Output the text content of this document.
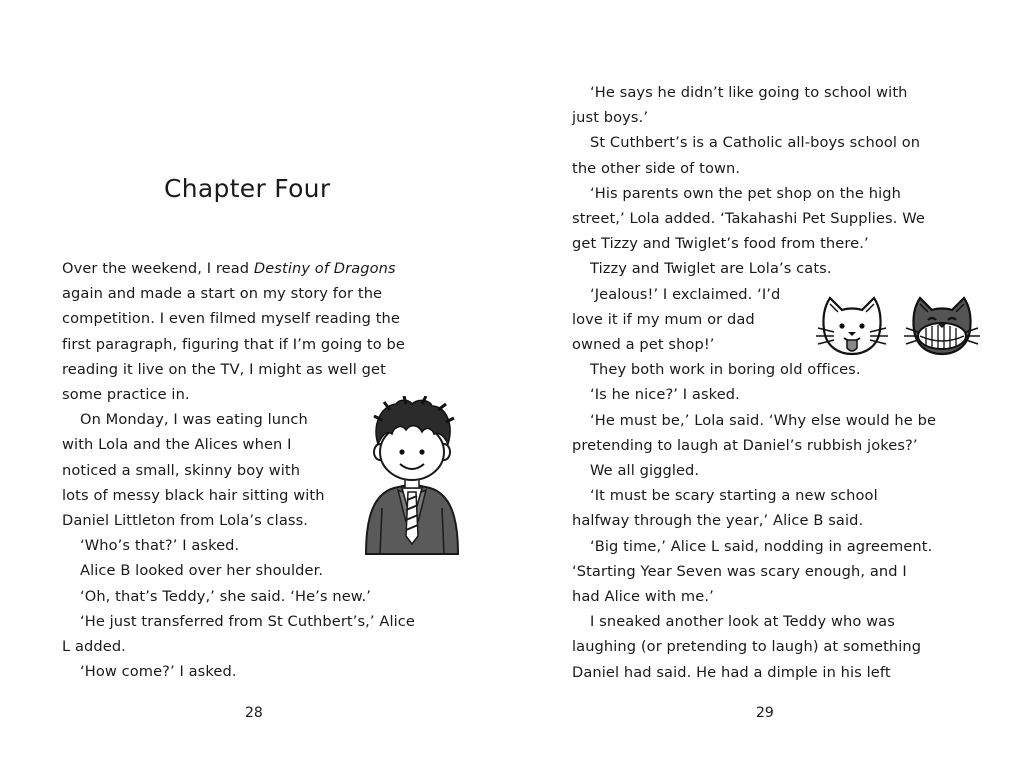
Chapter Four

Over the weekend, I read Destiny of Dragons

again and made a start on my story for the

competition. I even filmed myself reading the

first paragraph, figuring that if I’m going to be

reading it live on the TV, I might as well get

some practice in.

On Monday, I was eating lunch

with Lola and the Alices when I

noticed a small, skinny boy with

lots of messy black hair sitting with

Daniel Littleton from Lola’s class.

‘Who’s that?’ I asked.

Alice B looked over her shoulder.

‘Oh, that’s Teddy,’ she said. ‘He’s new.’

‘He just transferred from St Cuthbert’s,’ Alice

L added.

‘How come?’ I asked.

‘He says he didn’t like going to school with

just boys.’

St Cuthbert’s is a Catholic all-boys school on

the other side of town.

‘His parents own the pet shop on the high

street,’ Lola added. ‘Takahashi Pet Supplies. We

get Tizzy and Twiglet’s food from there.’

Tizzy and Twiglet are Lola’s cats.

‘Jealous!’ I exclaimed. ‘I’d

love it if my mum or dad

owned a pet shop!’

They both work in boring old offices.

‘Is he nice?’ I asked.

‘He must be,’ Lola said. ‘Why else would he be

pretending to laugh at Daniel’s rubbish jokes?’

We all giggled.

‘It must be scary starting a new school

halfway through the year,’ Alice B said.

‘Big time,’ Alice L said, nodding in agreement.

‘Starting Year Seven was scary enough, and I

had Alice with me.’

I sneaked another look at Teddy who was

laughing (or pretending to laugh) at something

Daniel had said. He had a dimple in his left

28	29
